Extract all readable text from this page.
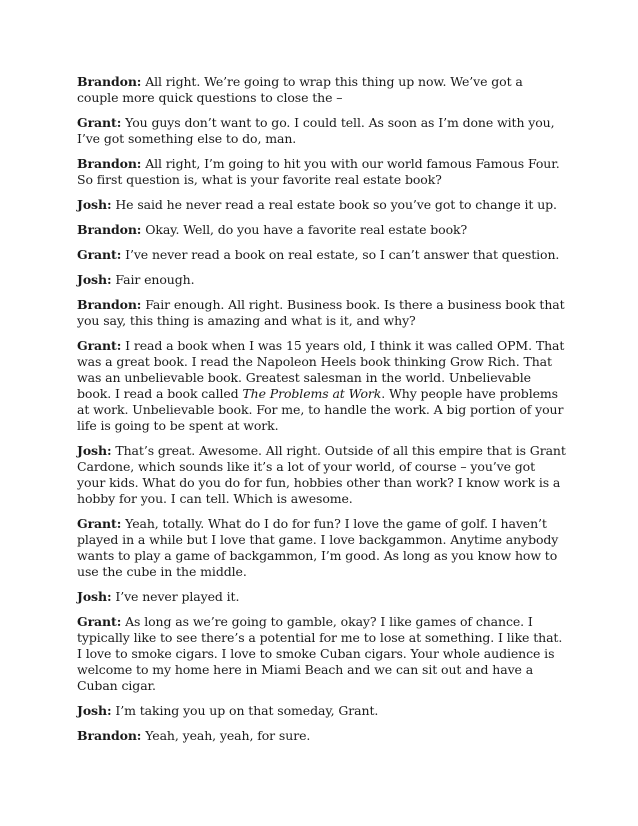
Brandon: All right. We’re going to wrap this thing up now. We’ve got a couple more quick questions to close the –

Grant: You guys don’t want to go. I could tell. As soon as I’m done with you, I’ve got something else to do, man.

Brandon: All right, I’m going to hit you with our world famous Famous Four. So first question is, what is your favorite real estate book?

Josh: He said he never read a real estate book so you’ve got to change it up.

Brandon: Okay. Well, do you have a favorite real estate book?

Grant: I’ve never read a book on real estate, so I can’t answer that question.

Josh: Fair enough.

Brandon: Fair enough. All right. Business book. Is there a business book that you say, this thing is amazing and what is it, and why?

Grant: I read a book when I was 15 years old, I think it was called OPM. That was a great book. I read the Napoleon Heels book thinking Grow Rich. That was an unbelievable book. Greatest salesman in the world. Unbelievable book. I read a book called The Problems at Work. Why people have problems at work. Unbelievable book. For me, to handle the work. A big portion of your life is going to be spent at work.

Josh: That’s great. Awesome. All right. Outside of all this empire that is Grant Cardone, which sounds like it’s a lot of your world, of course – you’ve got your kids. What do you do for fun, hobbies other than work? I know work is a hobby for you. I can tell. Which is awesome.

Grant: Yeah, totally. What do I do for fun? I love the game of golf. I haven’t played in a while but I love that game. I love backgammon. Anytime anybody wants to play a game of backgammon, I’m good. As long as you know how to use the cube in the middle.

Josh: I’ve never played it.

Grant: As long as we’re going to gamble, okay? I like games of chance. I typically like to see there’s a potential for me to lose at something. I like that. I love to smoke cigars. I love to smoke Cuban cigars. Your whole audience is welcome to my home here in Miami Beach and we can sit out and have a Cuban cigar.

Josh: I’m taking you up on that someday, Grant.

Brandon: Yeah, yeah, yeah, for sure.
